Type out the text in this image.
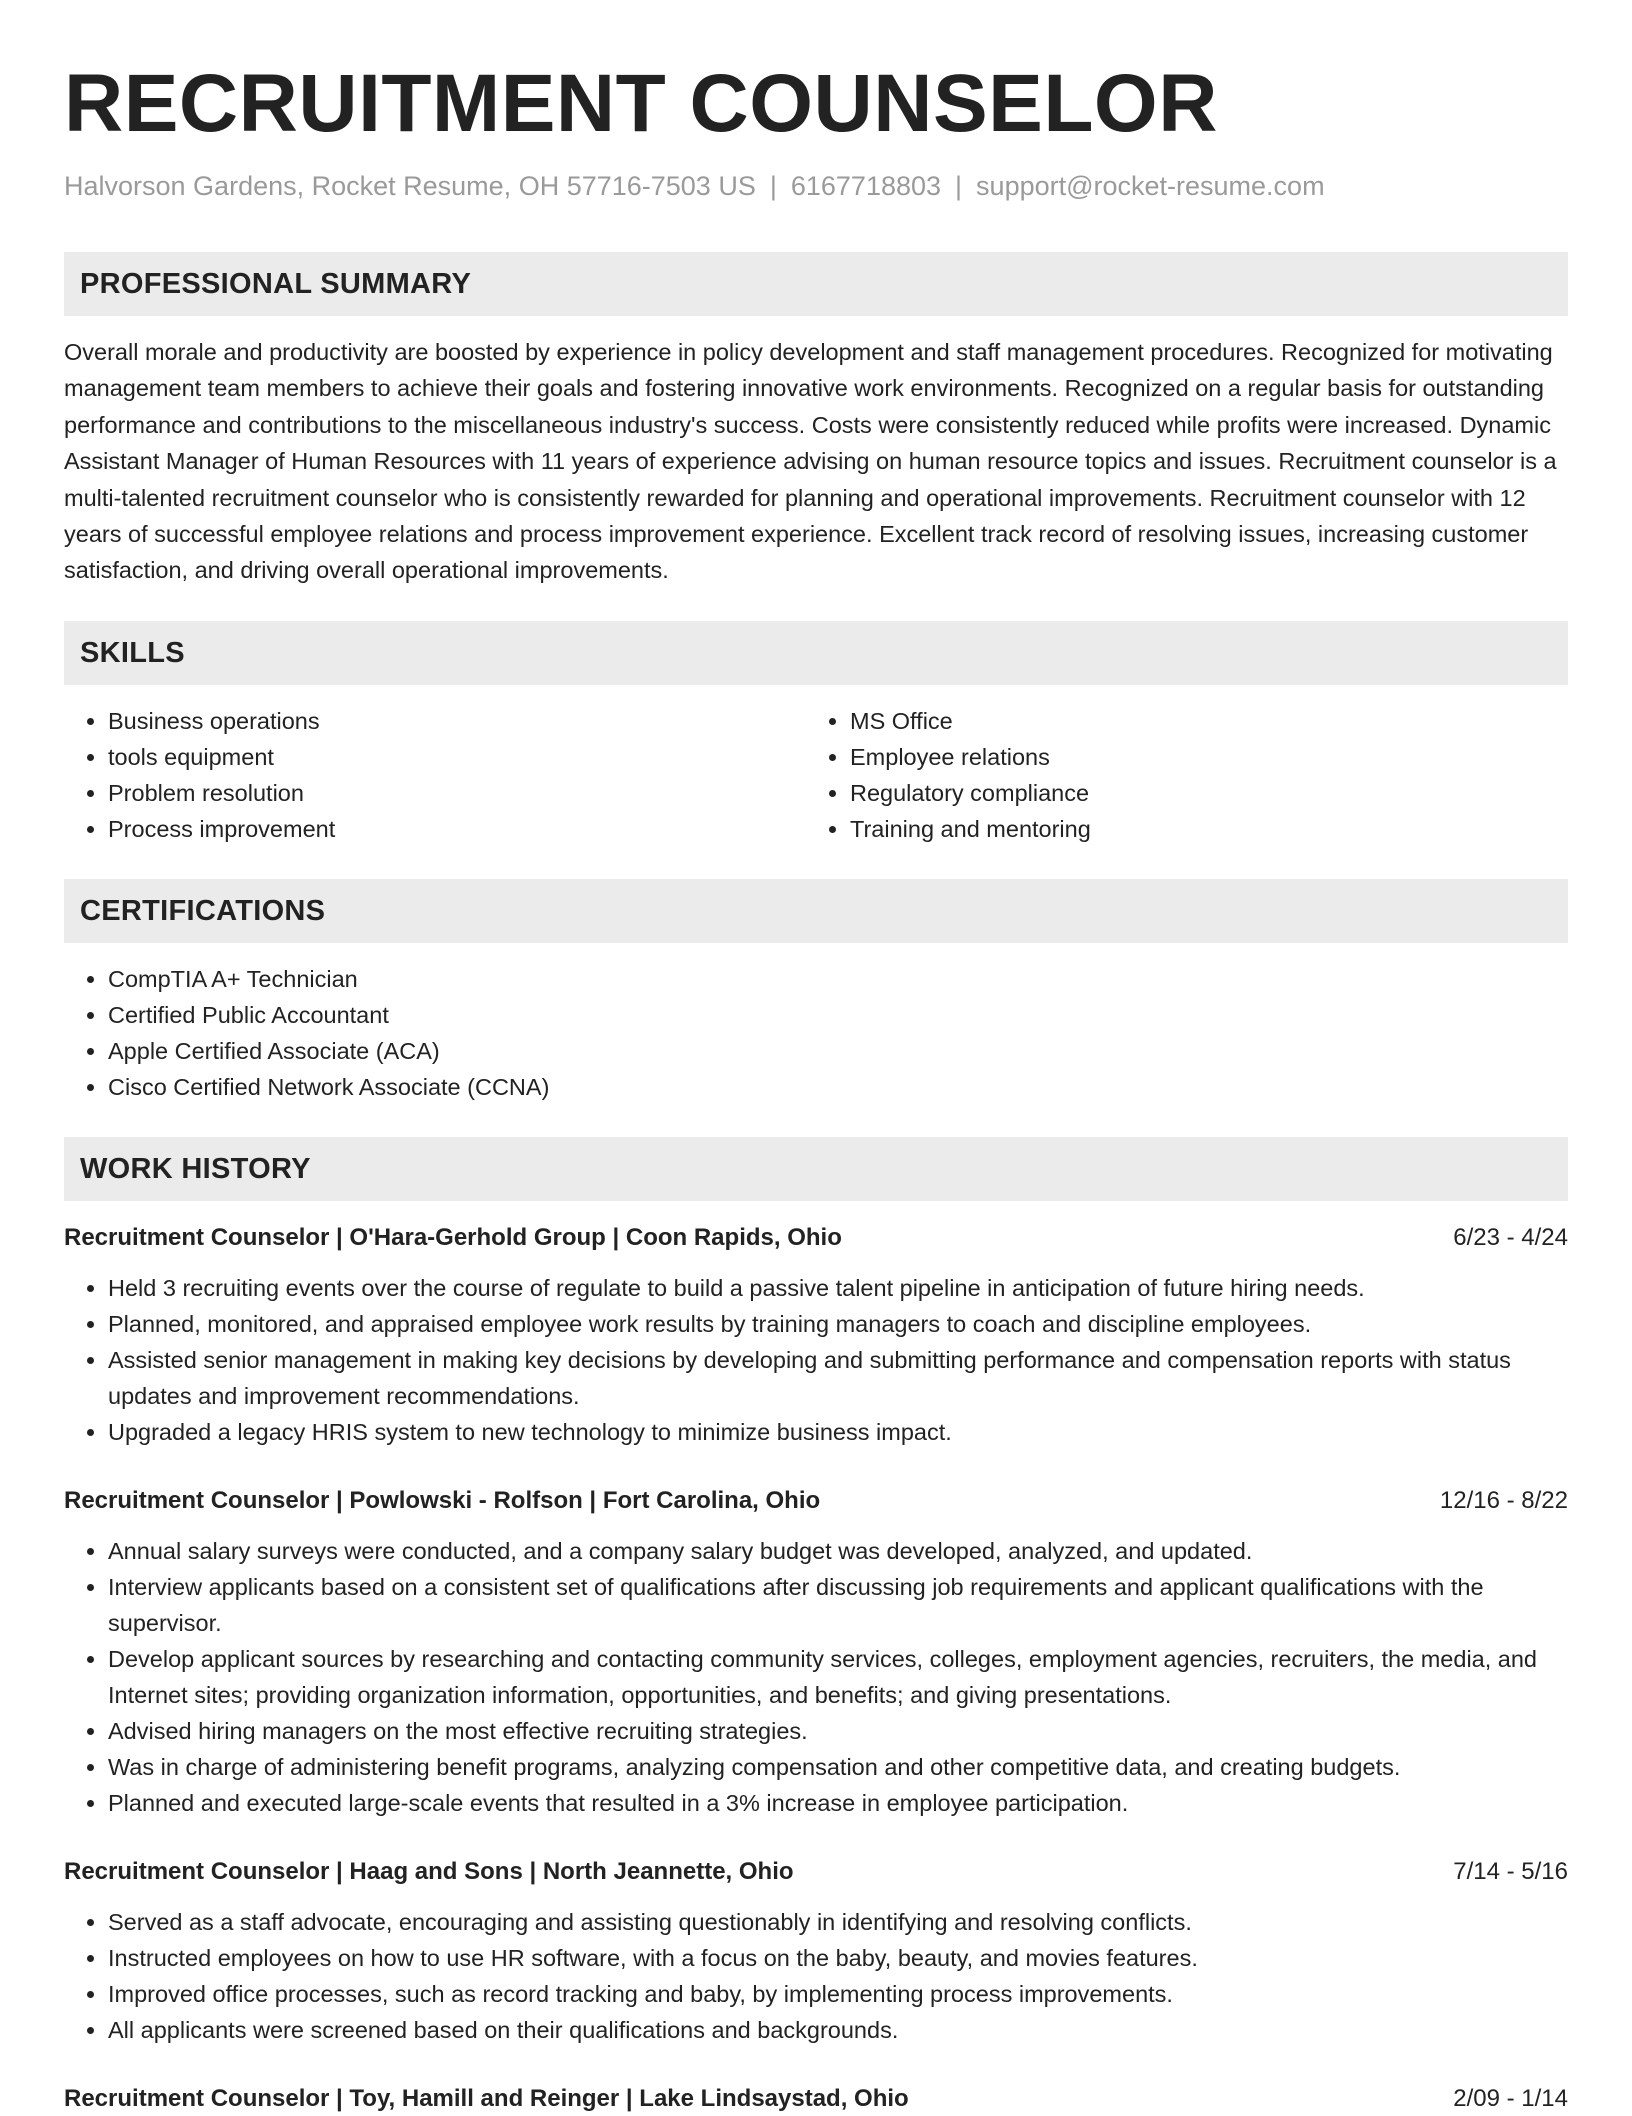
RECRUITMENT COUNSELOR
Halvorson Gardens, Rocket Resume, OH 57716-7503 US | 6167718803 | support@rocket-resume.com
PROFESSIONAL SUMMARY

Overall morale and productivity are boosted by experience in policy development and staff management procedures. Recognized for motivating management team members to achieve their goals and fostering innovative work environments. Recognized on a regular basis for outstanding performance and contributions to the miscellaneous industry's success. Costs were consistently reduced while profits were increased. Dynamic Assistant Manager of Human Resources with 11 years of experience advising on human resource topics and issues. Recruitment counselor is a multi-talented recruitment counselor who is consistently rewarded for planning and operational improvements. Recruitment counselor with 12 years of successful employee relations and process improvement experience. Excellent track record of resolving issues, increasing customer satisfaction, and driving overall operational improvements.

SKILLS
• Business operations
• tools equipment
• Problem resolution
• Process improvement
• MS Office
• Employee relations
• Regulatory compliance
• Training and mentoring
CERTIFICATIONS
• CompTIA A+ Technician
• Certified Public Accountant
• Apple Certified Associate (ACA)
• Cisco Certified Network Associate (CCNA)
WORK HISTORY
Recruitment Counselor | O'Hara-Gerhold Group | Coon Rapids, Ohio	6/23 - 4/24
• Held 3 recruiting events over the course of regulate to build a passive talent pipeline in anticipation of future hiring needs.
• Planned, monitored, and appraised employee work results by training managers to coach and discipline employees.
• Assisted senior management in making key decisions by developing and submitting performance and compensation reports with status updates and improvement recommendations.
• Upgraded a legacy HRIS system to new technology to minimize business impact.
Recruitment Counselor | Powlowski - Rolfson | Fort Carolina, Ohio	12/16 - 8/22
• Annual salary surveys were conducted, and a company salary budget was developed, analyzed, and updated.
• Interview applicants based on a consistent set of qualifications after discussing job requirements and applicant qualifications with the supervisor.
• Develop applicant sources by researching and contacting community services, colleges, employment agencies, recruiters, the media, and Internet sites; providing organization information, opportunities, and benefits; and giving presentations.
• Advised hiring managers on the most effective recruiting strategies.
• Was in charge of administering benefit programs, analyzing compensation and other competitive data, and creating budgets.
• Planned and executed large-scale events that resulted in a 3% increase in employee participation.
Recruitment Counselor | Haag and Sons | North Jeannette, Ohio	7/14 - 5/16
• Served as a staff advocate, encouraging and assisting questionably in identifying and resolving conflicts.
• Instructed employees on how to use HR software, with a focus on the baby, beauty, and movies features.
• Improved office processes, such as record tracking and baby, by implementing process improvements.
• All applicants were screened based on their qualifications and backgrounds.
Recruitment Counselor | Toy, Hamill and Reinger | Lake Lindsaystad, Ohio	2/09 - 1/14
